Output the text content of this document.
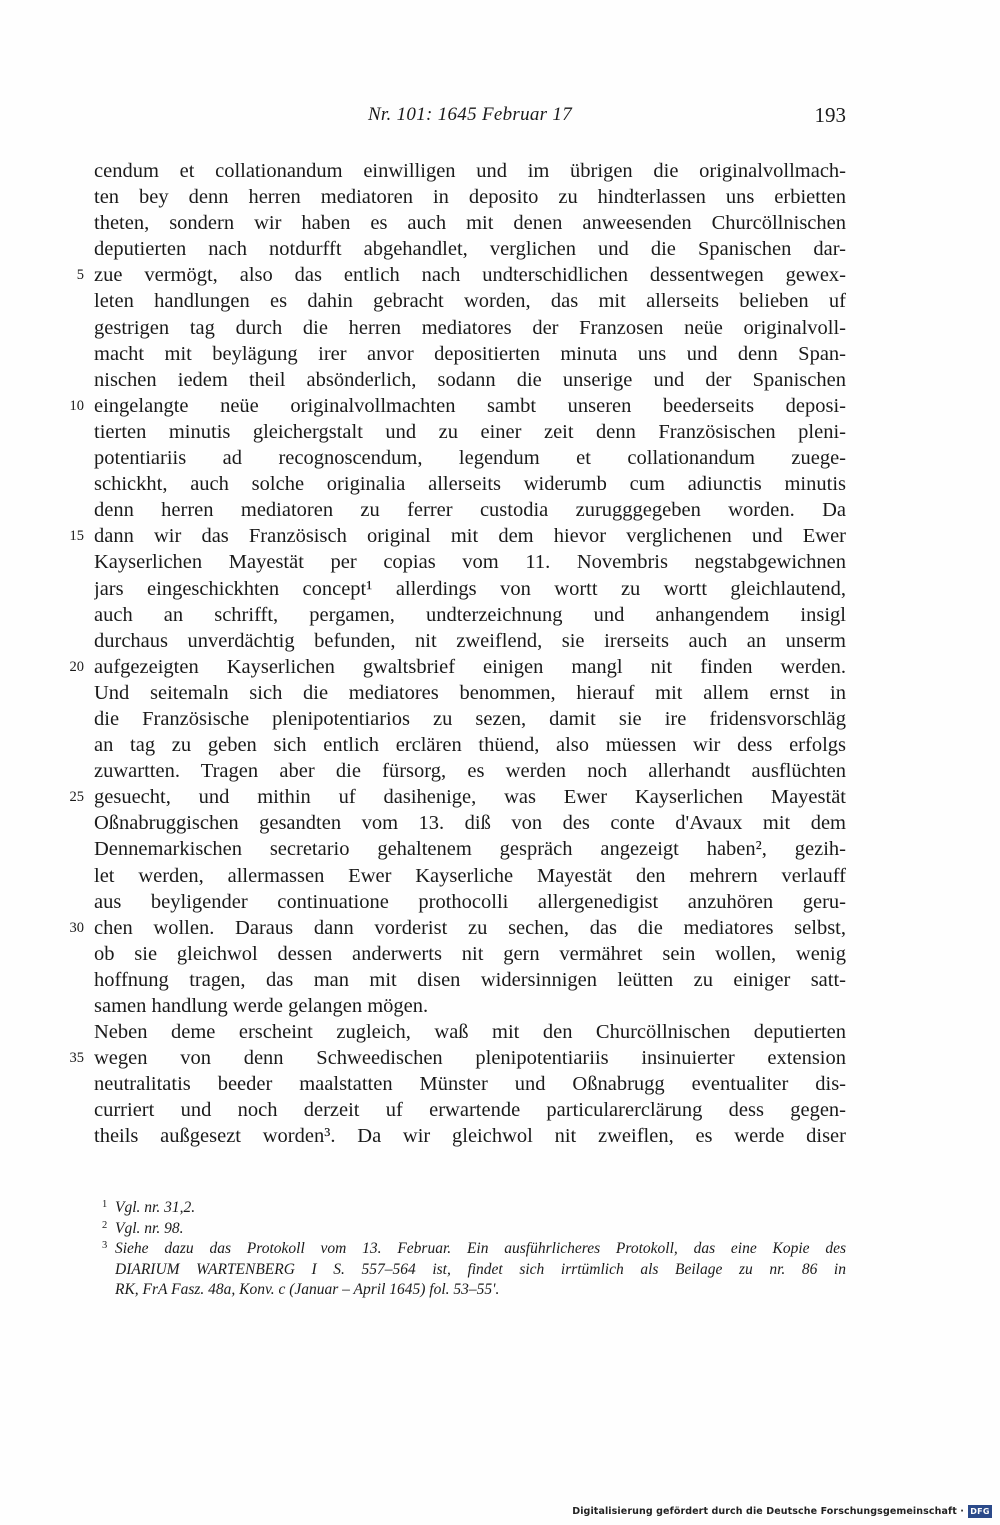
Nr. 101: 1645 Februar 17	193
cendum et collationandum einwilligen und im übrigen die originalvollmach-
ten bey denn herren mediatoren in deposito zu hindterlassen uns erbietten
theten, sondern wir haben es auch mit denen anweesenden Churcöllnischen
deputierten nach notdurfft abgehandlet, verglichen und die Spanischen dar-
5 zue vermögt, also das entlich nach undterschidlichen dessentwegen gewex-
leten handlungen es dahin gebracht worden, das mit allerseits belieben uf
gestrigen tag durch die herren mediatores der Franzosen neüe originalvoll-
macht mit beylägung irer anvor depositierten minuta uns und denn Span-
nischen iedem theil absönderlich, sodann die unserige und der Spanischen
10 eingelangte neüe originalvollmachten sambt unseren beederseits deposi-
tierten minutis gleichergstalt und zu einer zeit denn Französischen pleni-
potentiariis ad recognoscendum, legendum et collationandum zuege-
schickht, auch solche originalia allerseits widerumb cum adiunctis minutis
denn herren mediatoren zu ferrer custodia zurugggegeben worden. Da
15 dann wir das Französisch original mit dem hievor verglichenen und Ewer
Kayserlichen Mayestät per copias vom 11. Novembris negstabgewichnen
jars eingeschickhten concept¹ allerdings von wortt zu wortt gleichlautend,
auch an schrifft, pergamen, undterzeichnung und anhangendem insigl
durchaus unverdächtig befunden, nit zweiflend, sie irerseits auch an unserm
20 aufgezeigten Kayserlichen gwaltsbrief einigen mangl nit finden werden.
Und seitemaln sich die mediatores benommen, hierauf mit allem ernst in
die Französische plenipotentiarios zu sezen, damit sie ire fridensvorschläg
an tag zu geben sich entlich erclären thüend, also müessen wir dess erfolgs
zuwartten. Tragen aber die fürsorg, es werden noch allerhandt ausflüchten
25 gesuecht, und mithin uf dasihenige, was Ewer Kayserlichen Mayestät
Oßnabruggischen gesandten vom 13. diß von des conte d'Avaux mit dem
Dennemarkischen secretario gehaltenem gespräch angezeigt haben², gezih-
let werden, allermassen Ewer Kayserliche Mayestät den mehrern verlauff
aus beyligender continuatione prothocolli allergenedigist anzuhören geru-
30 chen wollen. Daraus dann vorderist zu sechen, das die mediatores selbst,
ob sie gleichwol dessen anderwerts nit gern vermähret sein wollen, wenig
hoffnung tragen, das man mit disen widersinnigen leütten zu einiger satt-
samen handlung werde gelangen mögen.
Neben deme erscheint zugleich, waß mit den Churcöllnischen deputierten
35 wegen von denn Schweedischen plenipotentiariis insinuierter extension
neutralitatis beeder maalstatten Münster und Oßnabrugg eventualiter dis-
curriert und noch derzeit uf erwartende particularerclärung dess gegen-
theils außgesezt worden³. Da wir gleichwol nit zweiflen, es werde diser
1 Vgl. nr. 31,2.
2 Vgl. nr. 98.
3 Siehe dazu das Protokoll vom 13. Februar. Ein ausführlicheres Protokoll, das eine Kopie des
DIARIUM WARTENBERG I S. 557–564 ist, findet sich irrtümlich als Beilage zu nr. 86 in
RK, FrA Fasz. 48a, Konv. c (Januar – April 1645) fol. 53–55'.
Digitalisierung gefördert durch die Deutsche Forschungsgemeinschaft · DFG
